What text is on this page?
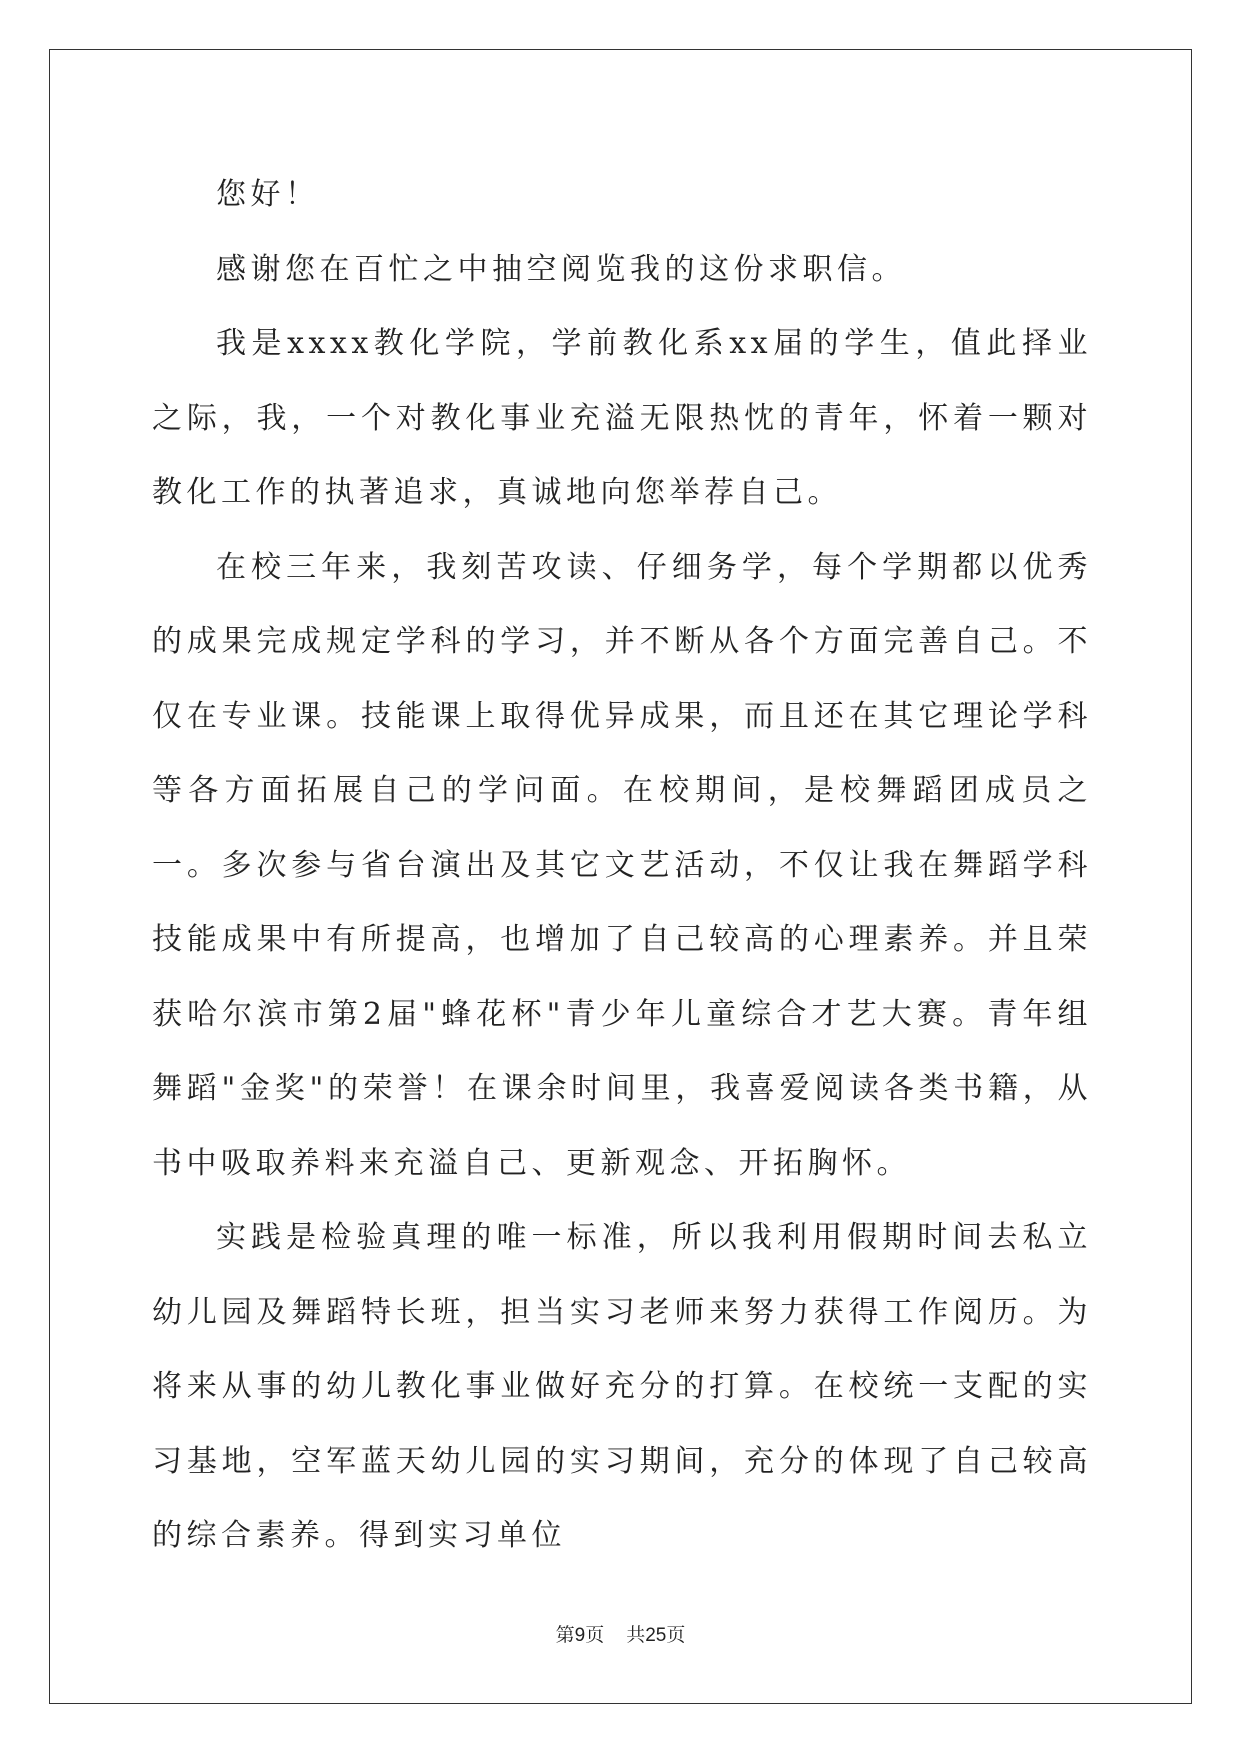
您好！

感谢您在百忙之中抽空阅览我的这份求职信。

我是xxxx教化学院，学前教化系xx届的学生，值此择业之际，我，一个对教化事业充溢无限热忱的青年，怀着一颗对教化工作的执著追求，真诚地向您举荐自己。

在校三年来，我刻苦攻读、仔细务学，每个学期都以优秀的成果完成规定学科的学习，并不断从各个方面完善自己。不仅在专业课。技能课上取得优异成果，而且还在其它理论学科等各方面拓展自己的学问面。在校期间，是校舞蹈团成员之一。多次参与省台演出及其它文艺活动，不仅让我在舞蹈学科技能成果中有所提高，也增加了自己较高的心理素养。并且荣获哈尔滨市第2届"蜂花杯"青少年儿童综合才艺大赛。青年组舞蹈"金奖"的荣誉！在课余时间里，我喜爱阅读各类书籍，从书中吸取养料来充溢自己、更新观念、开拓胸怀。

实践是检验真理的唯一标准，所以我利用假期时间去私立幼儿园及舞蹈特长班，担当实习老师来努力获得工作阅历。为将来从事的幼儿教化事业做好充分的打算。在校统一支配的实习基地，空军蓝天幼儿园的实习期间，充分的体现了自己较高的综合素养。得到实习单位

第9页 共25页
